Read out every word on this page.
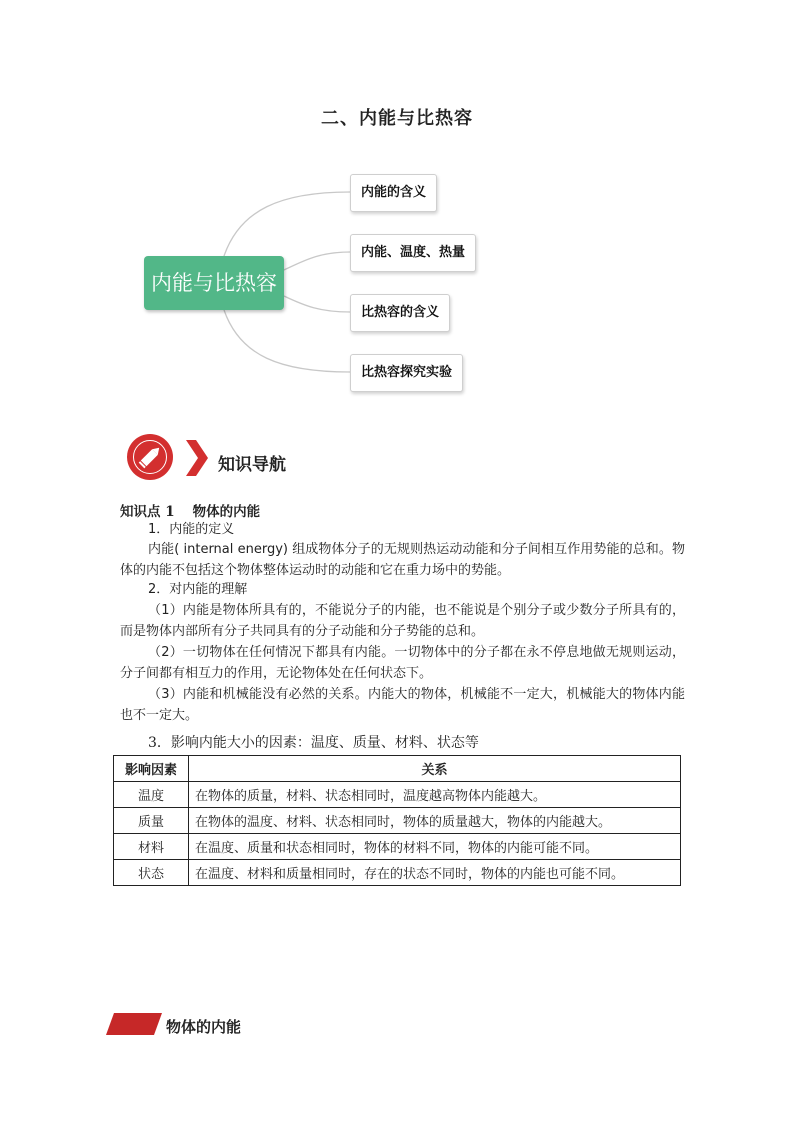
二、内能与比热容
内能与比热容
内能的含义
内能、温度、热量
比热容的含义
比热容探究实验
知识导航
知识点 1 物体的内能
1．内能的定义
内能( internal energy) 组成物体分子的无规则热运动动能和分子间相互作用势能的总和。物体的内能不包括这个物体整体运动时的动能和它在重力场中的势能。
2．对内能的理解
（1）内能是物体所具有的，不能说分子的内能，也不能说是个别分子或少数分子所具有的，而是物体内部所有分子共同具有的分子动能和分子势能的总和。
（2）一切物体在任何情况下都具有内能。一切物体中的分子都在永不停息地做无规则运动，分子间都有相互力的作用，无论物体处在任何状态下。
（3）内能和机械能没有必然的关系。内能大的物体，机械能不一定大，机械能大的物体内能也不一定大。
3．影响内能大小的因素：温度、质量、材料、状态等
影响因素	关系
温度	在物体的质量，材料、状态相同时，温度越高物体内能越大。
质量	在物体的温度、材料、状态相同时，物体的质量越大，物体的内能越大。
材料	在温度、质量和状态相同时，物体的材料不同，物体的内能可能不同。
状态	在温度、材料和质量相同时，存在的状态不同时，物体的内能也可能不同。
物体的内能
